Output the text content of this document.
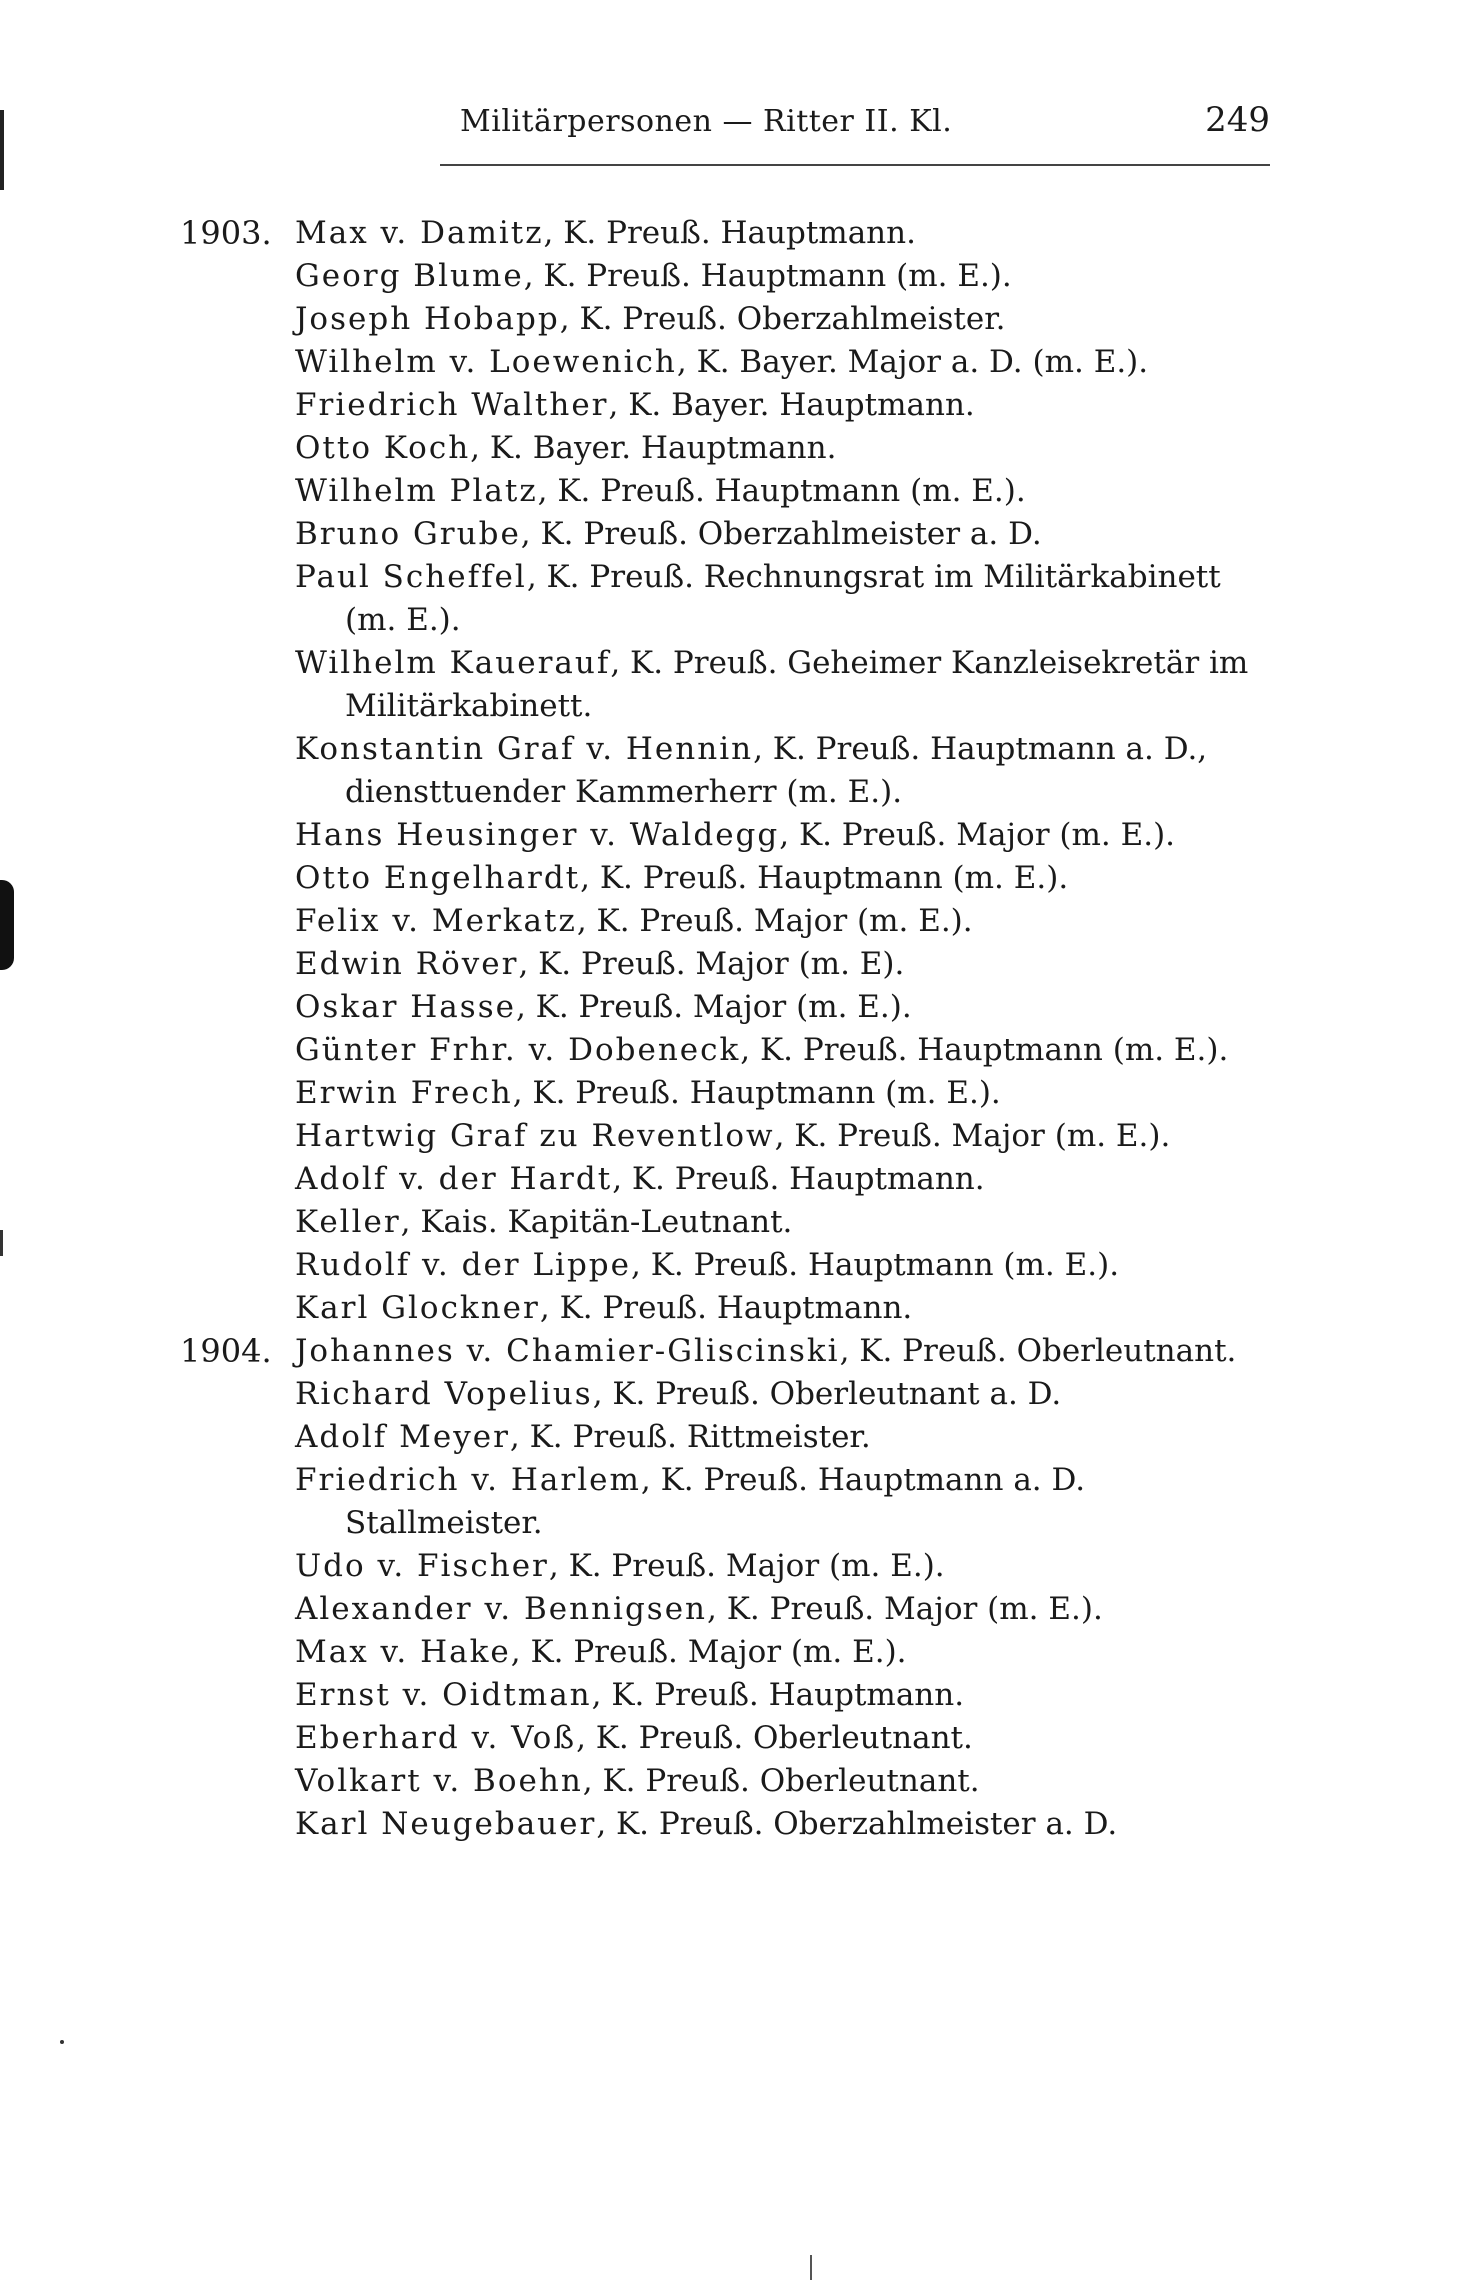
Militärpersonen — Ritter II. Kl.	249
1903. Max v. Damitz, K. Preuß. Hauptmann.
Georg Blume, K. Preuß. Hauptmann (m. E.).
Joseph Hobapp, K. Preuß. Oberzahlmeister.
Wilhelm v. Loewenich, K. Bayer. Major a. D. (m. E.).
Friedrich Walther, K. Bayer. Hauptmann.
Otto Koch, K. Bayer. Hauptmann.
Wilhelm Platz, K. Preuß. Hauptmann (m. E.).
Bruno Grube, K. Preuß. Oberzahlmeister a. D.
Paul Scheffel, K. Preuß. Rechnungsrat im Militärkabinett (m. E.).
Wilhelm Kauerauf, K. Preuß. Geheimer Kanzleisekretär im Militärkabinett.
Konstantin Graf v. Hennin, K. Preuß. Hauptmann a. D., diensttuender Kammerherr (m. E.).
Hans Heusinger v. Waldegg, K. Preuß. Major (m. E.).
Otto Engelhardt, K. Preuß. Hauptmann (m. E.).
Felix v. Merkatz, K. Preuß. Major (m. E.).
Edwin Röver, K. Preuß. Major (m. E).
Oskar Hasse, K. Preuß. Major (m. E.).
Günter Frhr. v. Dobeneck, K. Preuß. Hauptmann (m. E.).
Erwin Frech, K. Preuß. Hauptmann (m. E.).
Hartwig Graf zu Reventlow, K. Preuß. Major (m. E.).
Adolf v. der Hardt, K. Preuß. Hauptmann.
Keller, Kais. Kapitän-Leutnant.
Rudolf v. der Lippe, K. Preuß. Hauptmann (m. E.).
Karl Glockner, K. Preuß. Hauptmann.
1904. Johannes v. Chamier-Gliscinski, K. Preuß. Oberleutnant.
Richard Vopelius, K. Preuß. Oberleutnant a. D.
Adolf Meyer, K. Preuß. Rittmeister.
Friedrich v. Harlem, K. Preuß. Hauptmann a. D. Stallmeister.
Udo v. Fischer, K. Preuß. Major (m. E.).
Alexander v. Bennigsen, K. Preuß. Major (m. E.).
Max v. Hake, K. Preuß. Major (m. E.).
Ernst v. Oidtman, K. Preuß. Hauptmann.
Eberhard v. Voß, K. Preuß. Oberleutnant.
Volkart v. Boehn, K. Preuß. Oberleutnant.
Karl Neugebauer, K. Preuß. Oberzahlmeister a. D.
